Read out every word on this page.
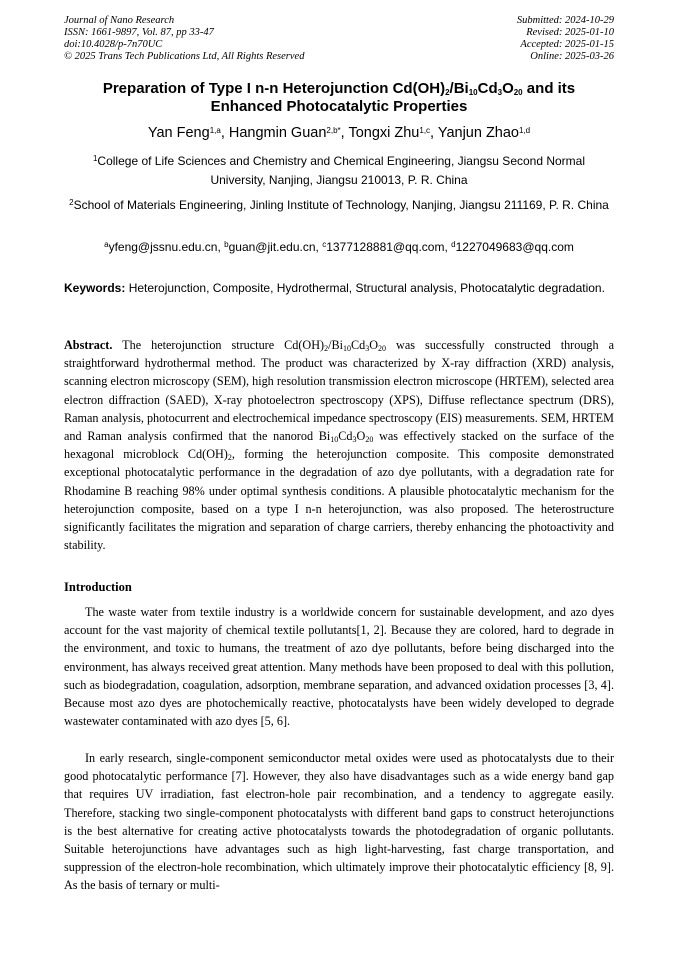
Journal of Nano Research
ISSN: 1661-9897, Vol. 87, pp 33-47
doi:10.4028/p-7n70UC
© 2025 Trans Tech Publications Ltd, All Rights Reserved
Submitted: 2024-10-29
Revised: 2025-01-10
Accepted: 2025-01-15
Online: 2025-03-26
Preparation of Type I n-n Heterojunction $Cd(OH)_2/Bi_{10}Cd_3O_{20}$ and its
Enhanced Photocatalytic Properties
Yan Feng$^{1,a}$, Hangmin Guan$^{2,b*}$, Tongxi Zhu$^{1,c}$, Yanjun Zhao$^{1,d}$
$^1$College of Life Sciences and Chemistry and Chemical Engineering, Jiangsu Second Normal University, Nanjing, Jiangsu 210013, P. R. China
$^2$School of Materials Engineering, Jinling Institute of Technology, Nanjing, Jiangsu 211169, P. R. China
$^a$yfeng@jssnu.edu.cn, $^b$guan@jit.edu.cn, $^c$1377128881@qq.com, $^d$1227049683@qq.com
Keywords: Heterojunction, Composite, Hydrothermal, Structural analysis, Photocatalytic degradation.
Abstract. The heterojunction structure $Cd(OH)_2/Bi_{10}Cd_3O_{20}$ was successfully constructed through a straightforward hydrothermal method. The product was characterized by X-ray diffraction (XRD) analysis, scanning electron microscopy (SEM), high resolution transmission electron microscope (HRTEM), selected area electron diffraction (SAED), X-ray photoelectron spectroscopy (XPS), Diffuse reflectance spectrum (DRS), Raman analysis, photocurrent and electrochemical impedance spectroscopy (EIS) measurements. SEM, HRTEM and Raman analysis confirmed that the nanorod $Bi_{10}Cd_3O_{20}$ was effectively stacked on the surface of the hexagonal microblock $Cd(OH)_2$, forming the heterojunction composite. This composite demonstrated exceptional photocatalytic performance in the degradation of azo dye pollutants, with a degradation rate for Rhodamine B reaching 98% under optimal synthesis conditions. A plausible photocatalytic mechanism for the heterojunction composite, based on a type I n-n heterojunction, was also proposed. The heterostructure significantly facilitates the migration and separation of charge carriers, thereby enhancing the photoactivity and stability.
Introduction

The waste water from textile industry is a worldwide concern for sustainable development, and azo dyes account for the vast majority of chemical textile pollutants[1, 2]. Because they are colored, hard to degrade in the environment, and toxic to humans, the treatment of azo dye pollutants, before being discharged into the environment, has always received great attention. Many methods have been proposed to deal with this pollution, such as biodegradation, coagulation, adsorption, membrane separation, and advanced oxidation processes [3, 4]. Because most azo dyes are photochemically reactive, photocatalysts have been widely developed to degrade wastewater contaminated with azo dyes [5, 6].

In early research, single-component semiconductor metal oxides were used as photocatalysts due to their good photocatalytic performance [7]. However, they also have disadvantages such as a wide energy band gap that requires UV irradiation, fast electron-hole pair recombination, and a tendency to aggregate easily. Therefore, stacking two single-component photocatalysts with different band gaps to construct heterojunctions is the best alternative for creating active photocatalysts towards the photodegradation of organic pollutants. Suitable heterojunctions have advantages such as high light-harvesting, fast charge transportation, and suppression of the electron-hole recombination, which ultimately improve their photocatalytic efficiency [8, 9]. As the basis of ternary or multi-
